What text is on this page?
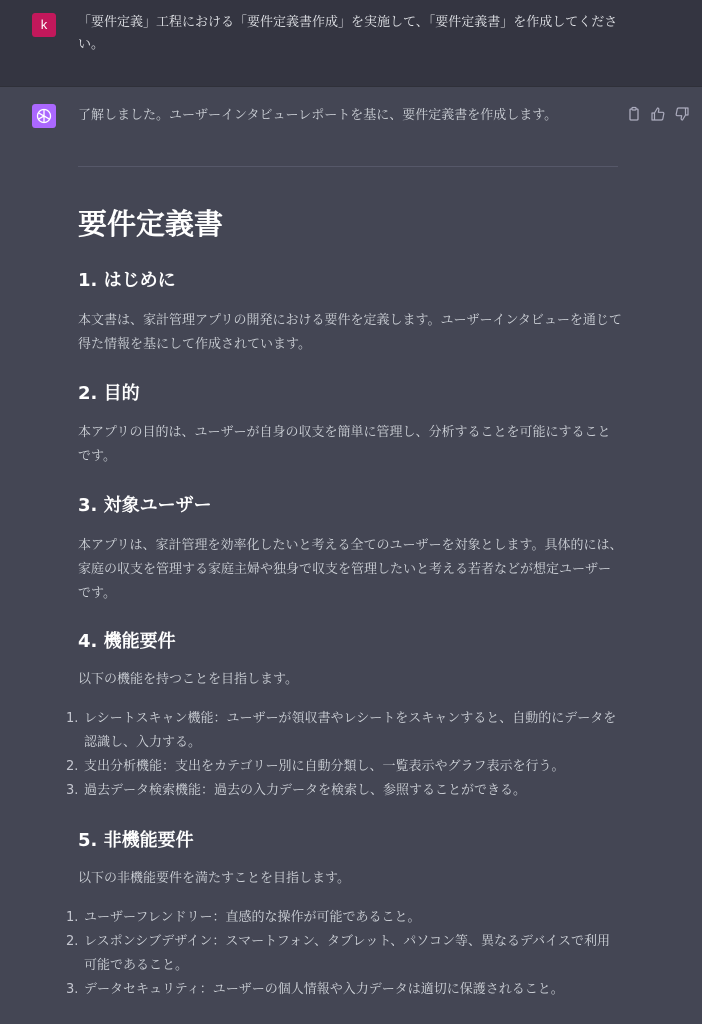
k	「要件定義」工程における「要件定義書作成」を実施して、「要件定義書」を作成してください。
了解しました。ユーザーインタビューレポートを基に、要件定義書を作成します。
要件定義書
1. はじめに
本文書は、家計管理アプリの開発における要件を定義します。ユーザーインタビューを通じて得た情報を基にして作成されています。
2. 目的
本アプリの目的は、ユーザーが自身の収支を簡単に管理し、分析することを可能にすることです。
3. 対象ユーザー
本アプリは、家計管理を効率化したいと考える全てのユーザーを対象とします。具体的には、家庭の収支を管理する家庭主婦や独身で収支を管理したいと考える若者などが想定ユーザーです。
4. 機能要件
以下の機能を持つことを目指します。
1. レシートスキャン機能：ユーザーが領収書やレシートをスキャンすると、自動的にデータを認識し、入力する。
2. 支出分析機能：支出をカテゴリー別に自動分類し、一覧表示やグラフ表示を行う。
3. 過去データ検索機能：過去の入力データを検索し、参照することができる。
5. 非機能要件
以下の非機能要件を満たすことを目指します。
1. ユーザーフレンドリー：直感的な操作が可能であること。
2. レスポンシブデザイン：スマートフォン、タブレット、パソコン等、異なるデバイスで利用可能であること。
3. データセキュリティ：ユーザーの個人情報や入力データは適切に保護されること。
